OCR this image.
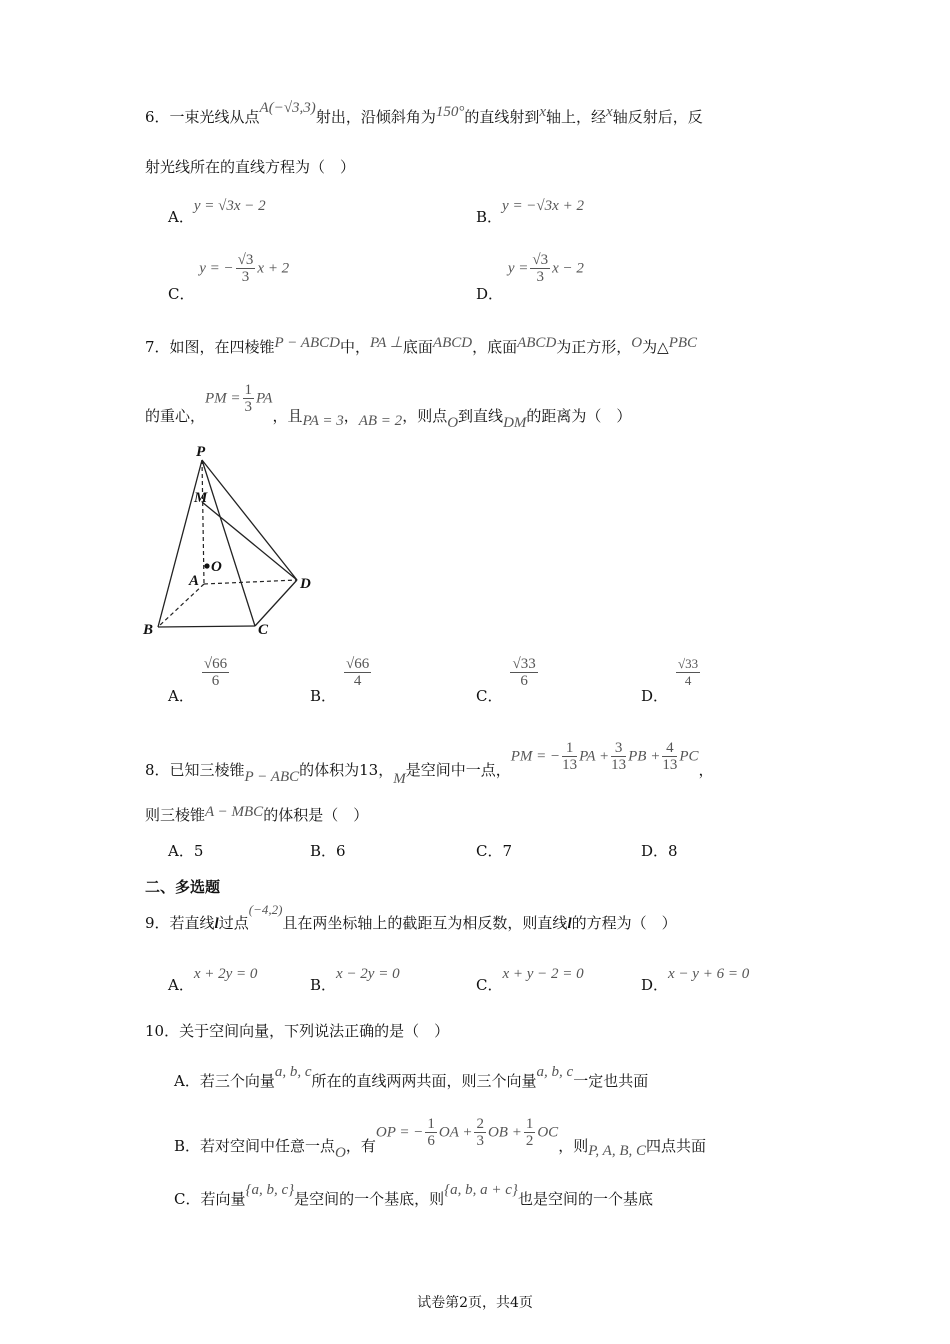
6．一束光线从点A(−√3,3)射出，沿倾斜角为150°的直线射到x轴上，经x轴反射后，反
射光线所在的直线方程为（　）
A．y = √3x − 2
B．y = −√3x + 2
C． y = − $\frac{√3}{3}$ x + 2
D． $y = \frac{√3}{3}$ x − 2
7．如图，在四棱锥P − ABCD中，PA ⊥底面ABCD，底面ABCD为正方形，O为△PBC
的重心，PM = $\frac{1}{3}$ PA，且PA = 3，AB = 2，则点O到直线DM的距离为（　）
P
M
O
A	D
B	C
A．
$\frac{√66}{6}$
B．
$\frac{√66}{4}$
C．
$\frac{√33}{6}$
D．
$\frac{√33}{4}$
8．已知三棱锥P − ABC的体积为13，M是空间中一点，PM = − $\frac{1}{13}$ PA + $\frac{3}{13}$ PB + $\frac{4}{13}$ PC，
则三棱锥A − MBC的体积是（　）
A．5	B．6	C．7	D．8
二、多选题
9．若直线l过点(−4,2)且在两坐标轴上的截距互为相反数，则直线l的方程为（　）
A．x + 2y = 0
B．x − 2y = 0
C．x + y − 2 = 0
D．x − y + 6 = 0
10．关于空间向量，下列说法正确的是（　）
A．若三个向量a, b, c所在的直线两两共面，则三个向量a, b, c一定也共面
B．若对空间中任意一点O，有OP = − $\frac{1}{6}$ OA + $\frac{2}{3}$ OB + $\frac{1}{2}$ OC，则P, A, B, C四点共面
C．若向量{a, b, c}是空间的一个基底，则{a, b, a + c}也是空间的一个基底
试卷第2页，共4页
